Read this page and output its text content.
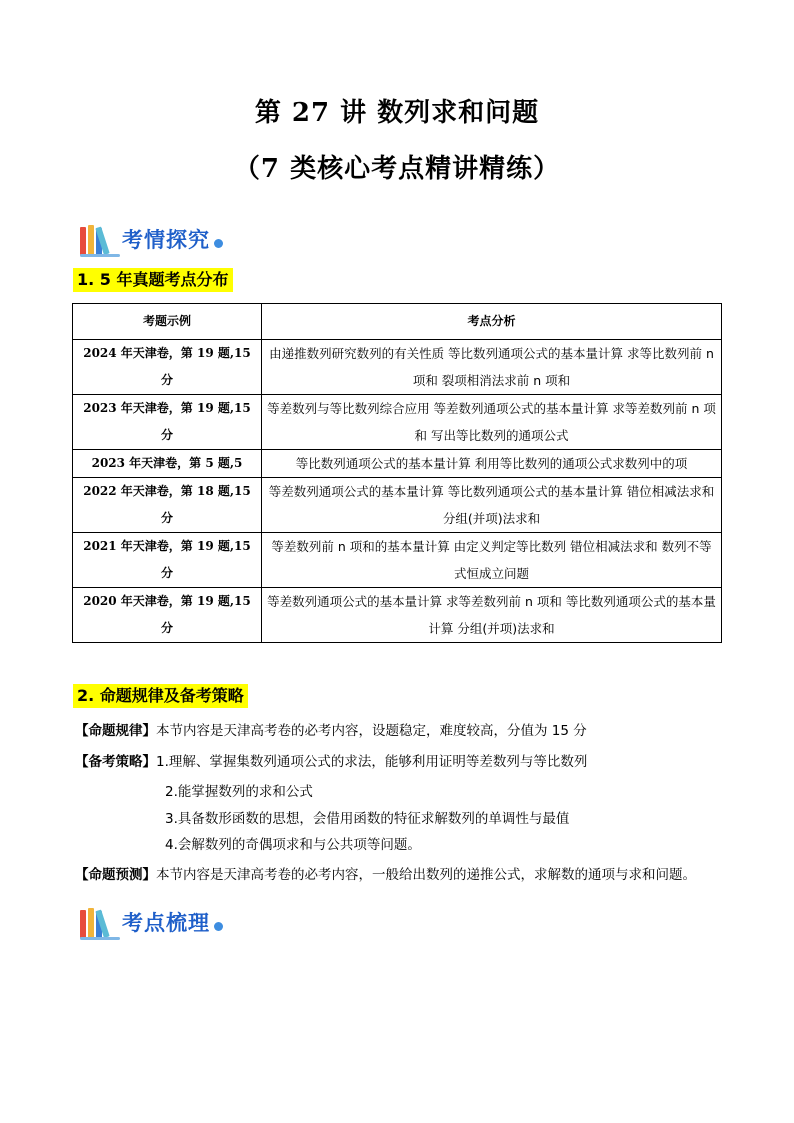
第 27 讲 数列求和问题
（7 类核心考点精讲精练）
考情探究
1. 5 年真题考点分布
考题示例	考点分析
2024 年天津卷，第 19 题,15 分	由递推数列研究数列的有关性质 等比数列通项公式的基本量计算 求等比数列前 n 项和 裂项相消法求前 n 项和
2023 年天津卷，第 19 题,15 分	等差数列与等比数列综合应用 等差数列通项公式的基本量计算 求等差数列前 n 项和 写出等比数列的通项公式
2023 年天津卷，第 5 题,5	等比数列通项公式的基本量计算 利用等比数列的通项公式求数列中的项
2022 年天津卷，第 18 题,15 分	等差数列通项公式的基本量计算 等比数列通项公式的基本量计算 错位相减法求和 分组(并项)法求和
2021 年天津卷，第 19 题,15 分	等差数列前 n 项和的基本量计算 由定义判定等比数列 错位相减法求和 数列不等式恒成立问题
2020 年天津卷，第 19 题,15 分	等差数列通项公式的基本量计算 求等差数列前 n 项和 等比数列通项公式的基本量计算 分组(并项)法求和
2. 命题规律及备考策略
【命题规律】本节内容是天津高考卷的必考内容，设题稳定，难度较高，分值为 15 分
【备考策略】1.理解、掌握集数列通项公式的求法，能够利用证明等差数列与等比数列
2.能掌握数列的求和公式
3.具备数形函数的思想，会借用函数的特征求解数列的单调性与最值
4.会解数列的奇偶项求和与公共项等问题。
【命题预测】本节内容是天津高考卷的必考内容，一般给出数列的递推公式，求解数的通项与求和问题。
考点梳理
